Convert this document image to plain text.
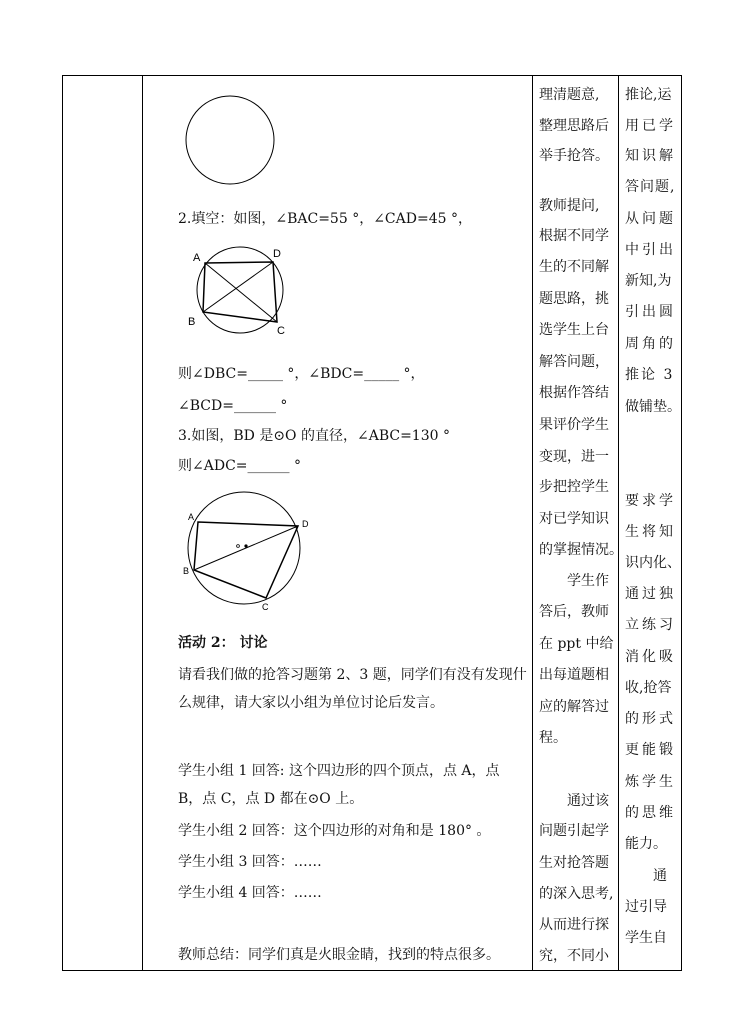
2.填空：如图，∠BAC=55 °，∠CAD=45 °，
A	D
B
C
则∠DBC=_____ °，∠BDC=_____ °，
∠BCD=______ °
3.如图，BD 是⊙O 的直径，∠ABC=130 °
则∠ADC=______ °
A
D
B
C
活动 2： 讨论
请看我们做的抢答习题第 2、3 题，同学们有没有发现什
么规律，请大家以小组为单位讨论后发言。
学生小组 1 回答: 这个四边形的四个顶点，点 A，点
B，点 C，点 D 都在⊙O 上。
学生小组 2 回答：这个四边形的对角和是 180° 。
学生小组 3 回答：……
学生小组 4 回答：……
教师总结：同学们真是火眼金睛，找到的特点很多。
理清题意,
整理思路后
举手抢答。
教师提问,
根据不同学
生的不同解
题思路，挑
选学生上台
解答问题，
根据作答结
果评价学生
变现，进一
步把控学生
对已学知识
的掌握情况。
学生作
答后，教师
在 ppt 中给
出每道题相
应的解答过
程。
通过该
问题引起学
生对抢答题
的深入思考,
从而进行探
究，不同小
推论,运
用已学
知识解
答问题,
从问题
中引出
新知,为
引出圆
周角的
推论 3
做铺垫。
要求学
生将知
识内化、
通过独
立练习
消化吸
收,抢答
的形式
更能锻
炼学生
的思维
能力。
通
过引导
学生自
